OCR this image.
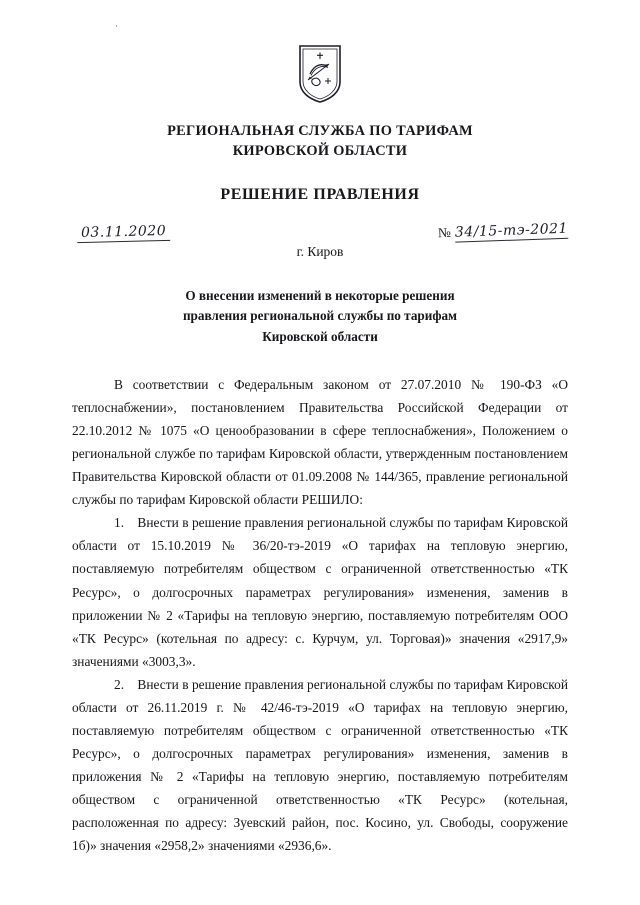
·
РЕГИОНАЛЬНАЯ СЛУЖБА ПО ТАРИФАМ
КИРОВСКОЙ ОБЛАСТИ
РЕШЕНИЕ ПРАВЛЕНИЯ
03.11.2020	№ 34/15-тэ-2021
г. Киров
О внесении изменений в некоторые решения
правления региональной службы по тарифам
Кировской области

В соответствии с Федеральным законом от 27.07.2010 № 190-ФЗ «О теплоснабжении», постановлением Правительства Российской Федерации от 22.10.2012 № 1075 «О ценообразовании в сфере теплоснабжения», Положением о региональной службе по тарифам Кировской области, утвержденным постановлением Правительства Кировской области от 01.09.2008 № 144/365, правление региональной службы по тарифам Кировской области РЕШИЛО:

1. Внести в решение правления региональной службы по тарифам Кировской области от 15.10.2019 № 36/20-тэ-2019 «О тарифах на тепловую энергию, поставляемую потребителям обществом с ограниченной ответственностью «ТК Ресурс», о долгосрочных параметрах регулирования» изменения, заменив в приложении № 2 «Тарифы на тепловую энергию, поставляемую потребителям ООО «ТК Ресурс» (котельная по адресу: с. Курчум, ул. Торговая)» значения «2917,9» значениями «3003,3».

2. Внести в решение правления региональной службы по тарифам Кировской области от 26.11.2019 г. № 42/46-тэ-2019 «О тарифах на тепловую энергию, поставляемую потребителям обществом с ограниченной ответственностью «ТК Ресурс», о долгосрочных параметрах регулирования» изменения, заменив в приложения № 2 «Тарифы на тепловую энергию, поставляемую потребителям обществом с ограниченной ответственностью «ТК Ресурс» (котельная, расположенная по адресу: Зуевский район, пос. Косино, ул. Свободы, сооружение 1б)» значения «2958,2» значениями «2936,6».
